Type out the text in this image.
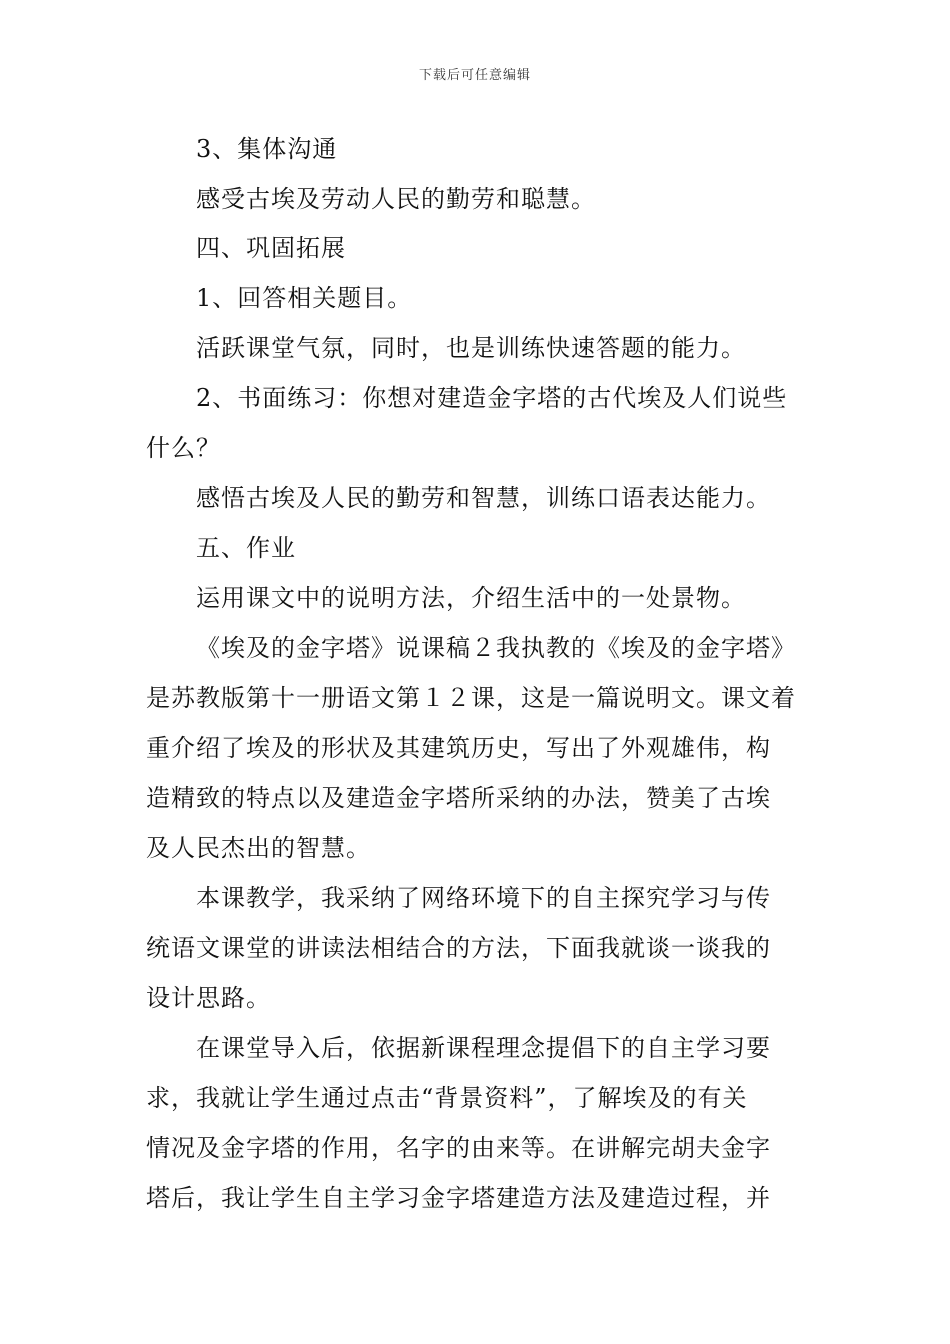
下载后可任意编辑
3、集体沟通
感受古埃及劳动人民的勤劳和聪慧。
四、巩固拓展
1、回答相关题目。
活跃课堂气氛，同时，也是训练快速答题的能力。
2、书面练习：你想对建造金字塔的古代埃及人们说些
什么？
感悟古埃及人民的勤劳和智慧，训练口语表达能力。
五、作业
运用课文中的说明方法，介绍生活中的一处景物。
《埃及的金字塔》说课稿２我执教的《埃及的金字塔》
是苏教版第十一册语文第１２课，这是一篇说明文。课文着
重介绍了埃及的形状及其建筑历史，写出了外观雄伟，构
造精致的特点以及建造金字塔所采纳的办法，赞美了古埃
及人民杰出的智慧。
本课教学，我采纳了网络环境下的自主探究学习与传
统语文课堂的讲读法相结合的方法，下面我就谈一谈我的
设计思路。
在课堂导入后，依据新课程理念提倡下的自主学习要
求，我就让学生通过点击“背景资料”，了解埃及的有关
情况及金字塔的作用，名字的由来等。在讲解完胡夫金字
塔后，我让学生自主学习金字塔建造方法及建造过程，并
